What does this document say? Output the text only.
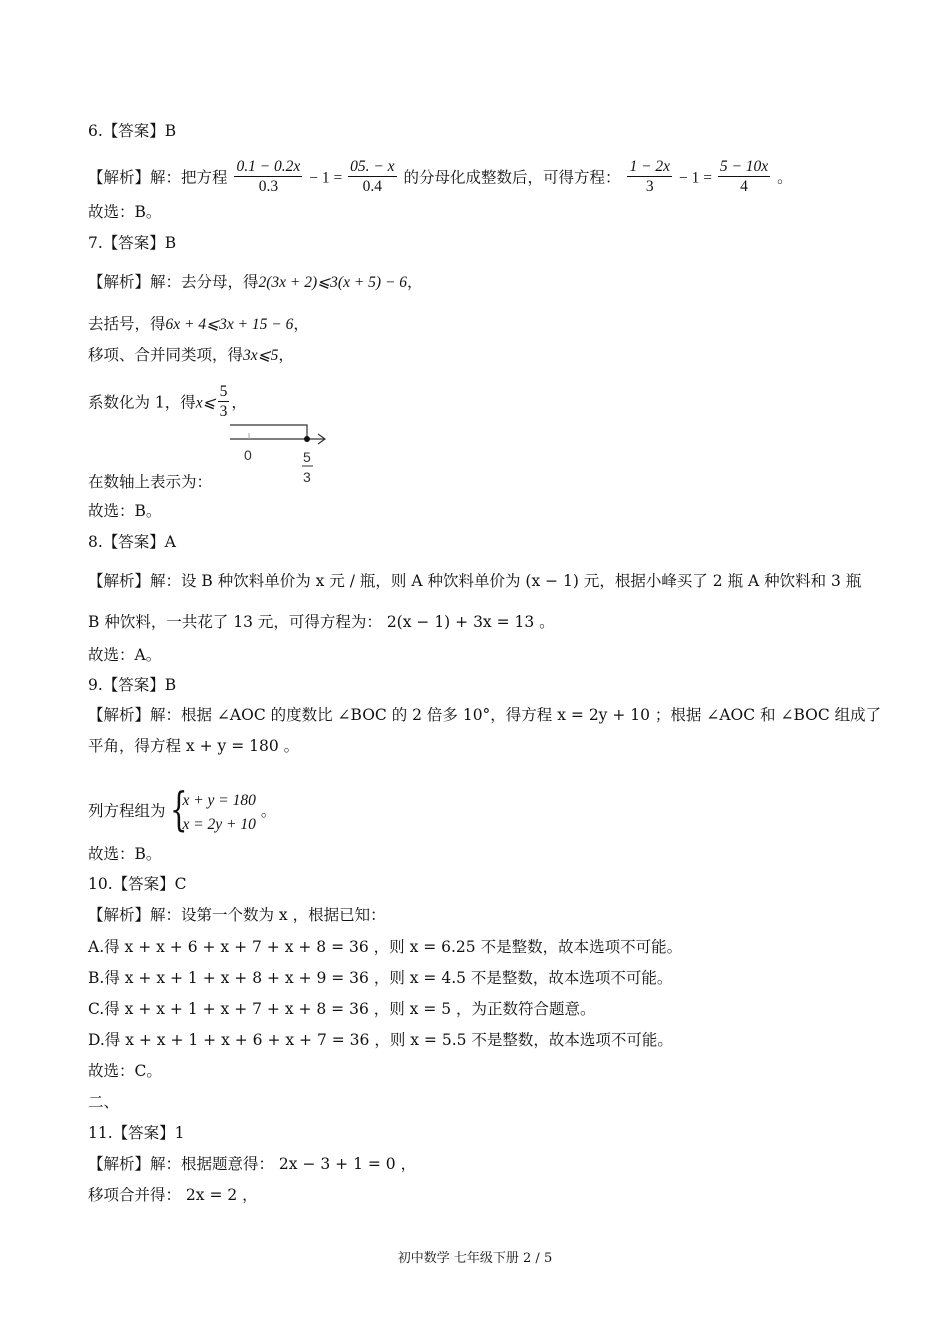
6.【答案】B
【解析】解：把方程 $\frac{0.1 - 0.2x}{0.3} - 1 = \frac{05. - x}{0.4}$ 的分母化成整数后，可得方程： $\frac{1 - 2x}{3} - 1 = \frac{5 - 10x}{4}$ 。
故选：B。
7.【答案】B
【解析】解：去分母，得2(3x + 2)⩽3(x + 5) − 6，
去括号，得6x + 4⩽3x + 15 − 6，
移项、合并同类项，得3x⩽5，
系数化为 1，得x⩽ $\frac{5}{3}$ ，
0	5
3
在数轴上表示为：
故选：B。
8.【答案】A
【解析】解：设 B 种饮料单价为 x 元 / 瓶，则 A 种饮料单价为 (x − 1) 元，根据小峰买了 2 瓶 A 种饮料和 3 瓶
B 种饮料，一共花了 13 元，可得方程为： 2(x − 1) + 3x = 13 。
故选：A。
9.【答案】B
【解析】解：根据 ∠AOC 的度数比 ∠BOC 的 2 倍多 10°，得方程 x = 2y + 10 ；根据 ∠AOC 和 ∠BOC 组成了
平角，得方程 x + y = 180 。
列方程组为 {
x + y = 180
x = 2y + 10
。
故选：B。
10.【答案】C
【解析】解：设第一个数为 x ，根据已知：
A.得 x + x + 6 + x + 7 + x + 8 = 36 ，则 x = 6.25 不是整数，故本选项不可能。
B.得 x + x + 1 + x + 8 + x + 9 = 36 ，则 x = 4.5 不是整数，故本选项不可能。
C.得 x + x + 1 + x + 7 + x + 8 = 36 ，则 x = 5 ，为正数符合题意。
D.得 x + x + 1 + x + 6 + x + 7 = 36 ，则 x = 5.5 不是整数，故本选项不可能。
故选：C。
二、
11.【答案】1
【解析】解：根据题意得： 2x − 3 + 1 = 0 ，
移项合并得： 2x = 2 ，
初中数学 七年级下册 2 / 5
